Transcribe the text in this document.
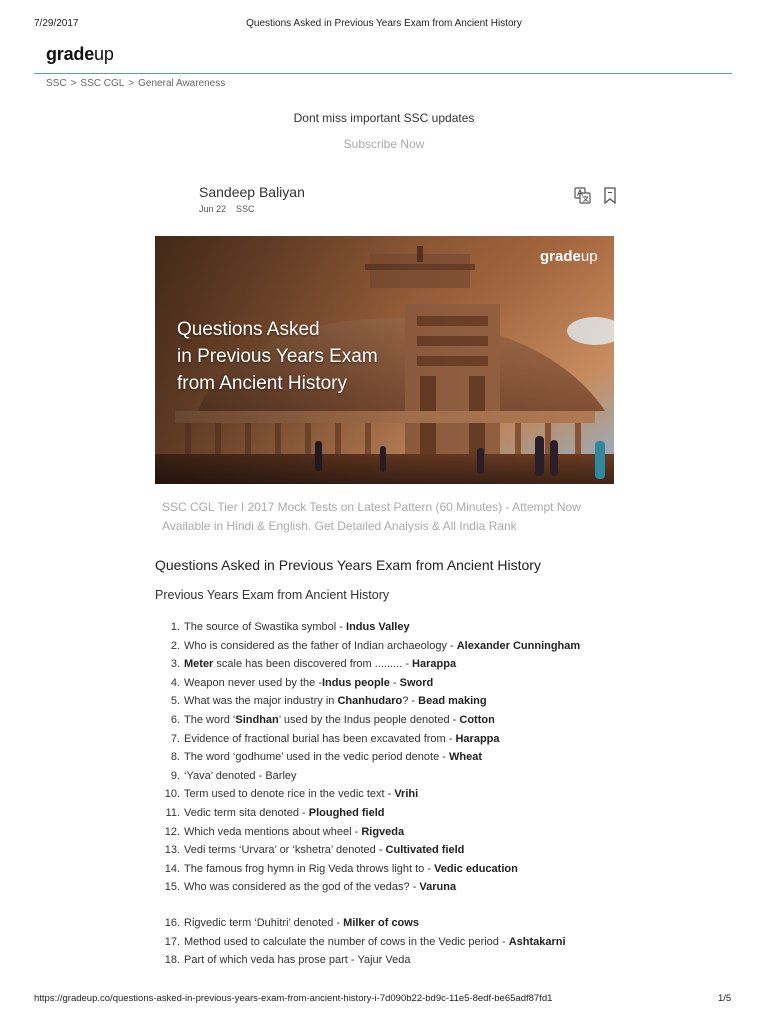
7/29/2017	Questions Asked in Previous Years Exam from Ancient History
gradeup
SSC > SSC CGL > General Awareness
Dont miss important SSC updates
Subscribe Now
Sandeep Baliyan
Jun 22 SSC

gradeup
Questions Asked
in Previous Years Exam
from Ancient History
SSC CGL Tier I 2017 Mock Tests on Latest Pattern (60 Minutes) - Attempt Now Available in Hindi & English. Get Detailed Analysis & All India Rank
Questions Asked in Previous Years Exam from Ancient History
Previous Years Exam from Ancient History
1. The source of Swastika symbol - Indus Valley
2. Who is considered as the father of Indian archaeology - Alexander Cunningham
3. Meter scale has been discovered from ......... - Harappa
4. Weapon never used by the -Indus people - Sword
5. What was the major industry in Chanhudaro? - Bead making
6. The word ‘Sindhan’ used by the Indus people denoted - Cotton
7. Evidence of fractional burial has been excavated from - Harappa
8. The word ‘godhume’ used in the vedic period denote - Wheat
9. ‘Yava’ denoted - Barley
10. Term used to denote rice in the vedic text - Vrihi
11. Vedic term sita denoted - Ploughed field
12. Which veda mentions about wheel - Rigveda
13. Vedi terms ‘Urvara’ or ‘kshetra’ denoted - Cultivated field
14. The famous frog hymn in Rig Veda throws light to - Vedic education
15. Who was considered as the god of the vedas? - Varuna
16. Rigvedic term ‘Duhitri’ denoted - Milker of cows
17. Method used to calculate the number of cows in the Vedic period - Ashtakarni
18. Part of which veda has prose part - Yajur Veda
https://gradeup.co/questions-asked-in-previous-years-exam-from-ancient-history-i-7d090b22-bd9c-11e5-8edf-be65adf87fd1	1/5
